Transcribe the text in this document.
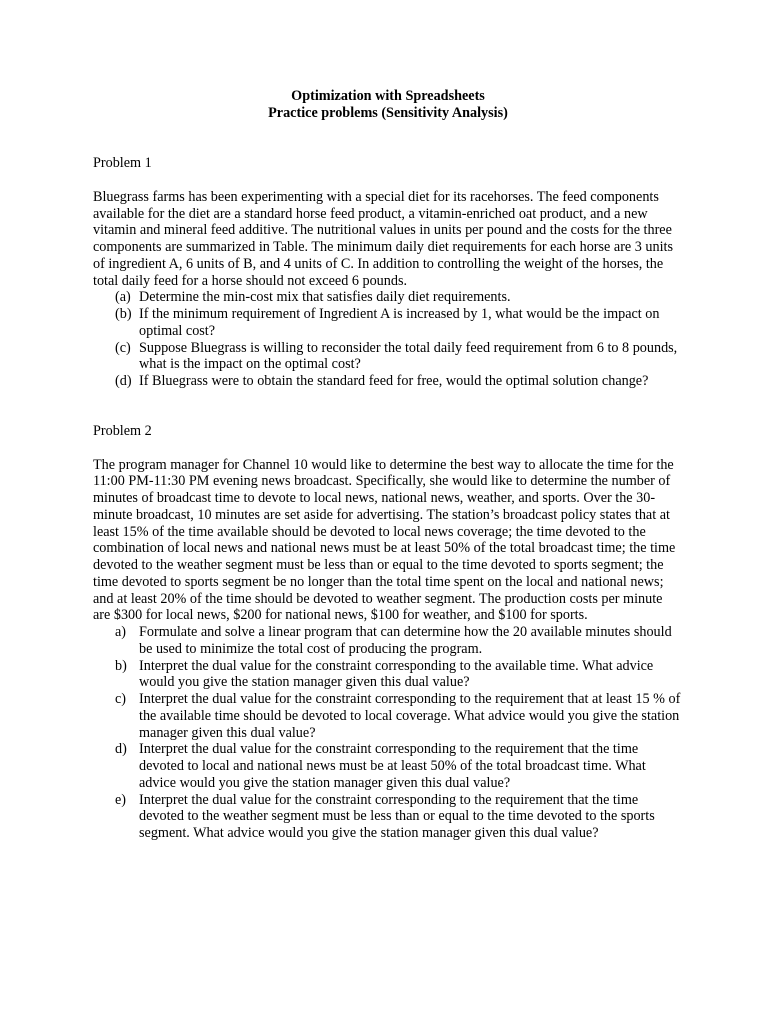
Optimization with Spreadsheets

Practice problems (Sensitivity Analysis)

Problem 1

Bluegrass farms has been experimenting with a special diet for its racehorses. The feed components available for the diet are a standard horse feed product, a vitamin-enriched oat product, and a new vitamin and mineral feed additive. The nutritional values in units per pound and the costs for the three components are summarized in Table. The minimum daily diet requirements for each horse are 3 units of ingredient A, 6 units of B, and 4 units of C. In addition to controlling the weight of the horses, the total daily feed for a horse should not exceed 6 pounds.

(a) Determine the min-cost mix that satisfies daily diet requirements.
(b) If the minimum requirement of Ingredient A is increased by 1, what would be the impact on optimal cost?
(c) Suppose Bluegrass is willing to reconsider the total daily feed requirement from 6 to 8 pounds, what is the impact on the optimal cost?
(d) If Bluegrass were to obtain the standard feed for free, would the optimal solution change?

Problem 2

The program manager for Channel 10 would like to determine the best way to allocate the time for the 11:00 PM-11:30 PM evening news broadcast. Specifically, she would like to determine the number of minutes of broadcast time to devote to local news, national news, weather, and sports. Over the 30-minute broadcast, 10 minutes are set aside for advertising. The station’s broadcast policy states that at least 15% of the time available should be devoted to local news coverage; the time devoted to the combination of local news and national news must be at least 50% of the total broadcast time; the time devoted to the weather segment must be less than or equal to the time devoted to sports segment; the time devoted to sports segment be no longer than the total time spent on the local and national news; and at least 20% of the time should be devoted to weather segment. The production costs per minute are $300 for local news, $200 for national news, $100 for weather, and $100 for sports.

a) Formulate and solve a linear program that can determine how the 20 available minutes should be used to minimize the total cost of producing the program.
b) Interpret the dual value for the constraint corresponding to the available time. What advice would you give the station manager given this dual value?
c) Interpret the dual value for the constraint corresponding to the requirement that at least 15 % of the available time should be devoted to local coverage. What advice would you give the station manager given this dual value?
d) Interpret the dual value for the constraint corresponding to the requirement that the time devoted to local and national news must be at least 50% of the total broadcast time. What advice would you give the station manager given this dual value?
e) Interpret the dual value for the constraint corresponding to the requirement that the time devoted to the weather segment must be less than or equal to the time devoted to the sports segment. What advice would you give the station manager given this dual value?
